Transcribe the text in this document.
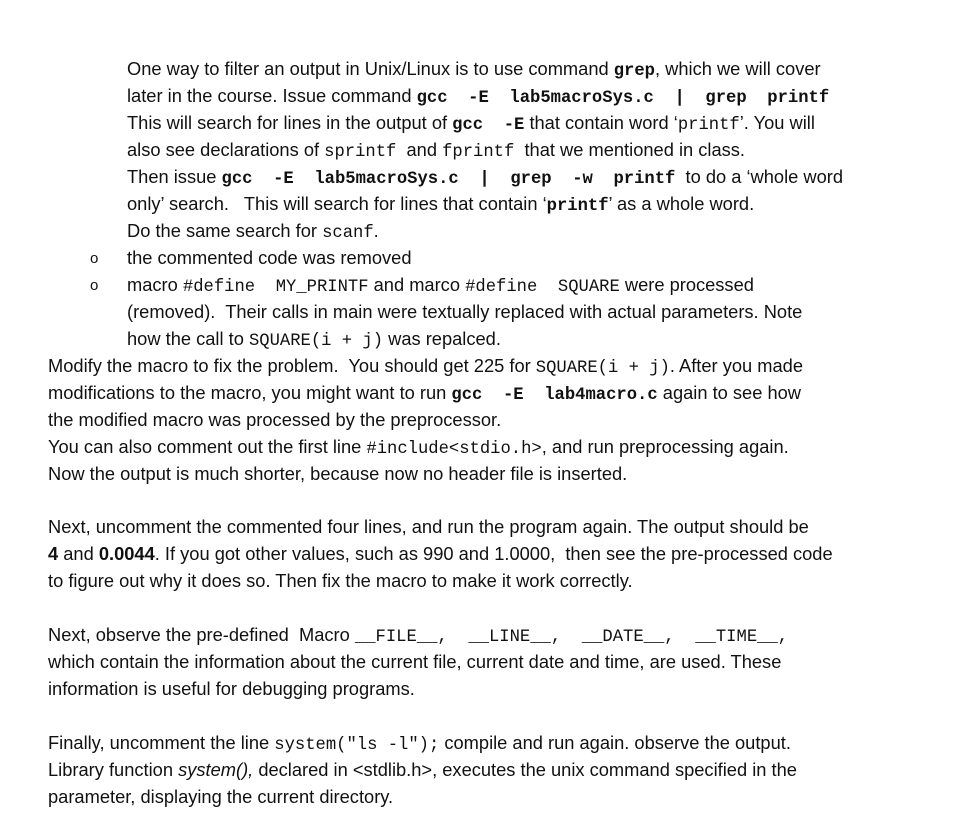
One way to filter an output in Unix/Linux is to use command grep, which we will cover
later in the course. Issue command gcc  -E  lab5macroSys.c  |  grep  printf
This will search for lines in the output of gcc  -E that contain word ‘printf’. You will
also see declarations of sprintf  and fprintf  that we mentioned in class.
Then issue gcc  -E  lab5macroSys.c  |  grep  -w  printf  to do a ‘whole word
only’ search.   This will search for lines that contain ‘printf’ as a whole word.
Do the same search for scanf.
o the commented code was removed
o macro #define  MY_PRINTF and marco #define  SQUARE were processed
(removed).  Their calls in main were textually replaced with actual parameters. Note
how the call to SQUARE(i + j) was repalced.
Modify the macro to fix the problem.  You should get 225 for SQUARE(i + j). After you made
modifications to the macro, you might want to run gcc  -E  lab4macro.c again to see how
the modified macro was processed by the preprocessor.
You can also comment out the first line #include<stdio.h>, and run preprocessing again.
Now the output is much shorter, because now no header file is inserted.
Next, uncomment the commented four lines, and run the program again. The output should be
4 and 0.0044. If you got other values, such as 990 and 1.0000,  then see the pre-processed code
to figure out why it does so. Then fix the macro to make it work correctly.
Next, observe the pre-defined  Macro __FILE__,  __LINE__,  __DATE__,  __TIME__,
which contain the information about the current file, current date and time, are used. These
information is useful for debugging programs.
Finally, uncomment the line system("ls -l"); compile and run again. observe the output.
Library function system(), declared in <stdlib.h>, executes the unix command specified in the
parameter, displaying the current directory.
